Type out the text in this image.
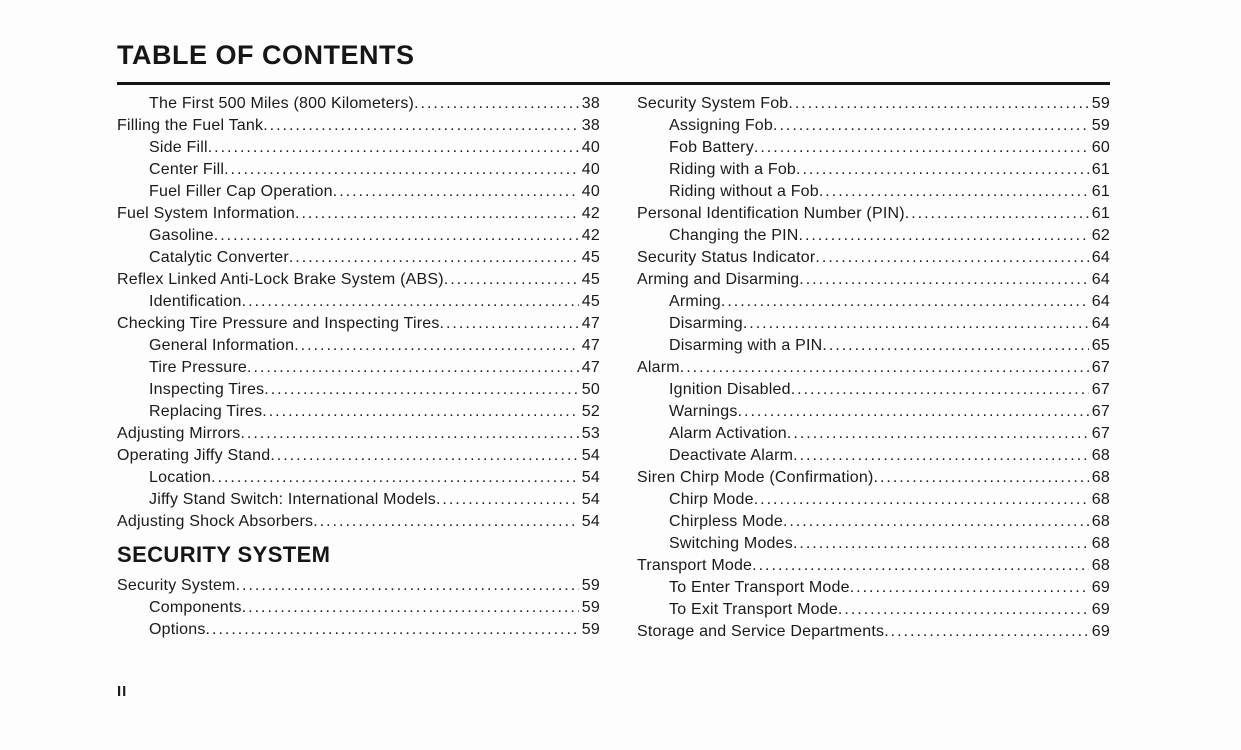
TABLE OF CONTENTS
The First 500 Miles (800 Kilometers) .....	38
Filling the Fuel Tank .....	38
Side Fill .....	40
Center Fill .....	40
Fuel Filler Cap Operation .....	40
Fuel System Information .....	42
Gasoline .....	42
Catalytic Converter .....	45
Reflex Linked Anti-Lock Brake System (ABS) .....	45
Identification .....	45
Checking Tire Pressure and Inspecting Tires .....	47
General Information .....	47
Tire Pressure .....	47
Inspecting Tires .....	50
Replacing Tires .....	52
Adjusting Mirrors .....	53
Operating Jiffy Stand .....	54
Location .....	54
Jiffy Stand Switch: International Models .....	54
Adjusting Shock Absorbers .....	54
SECURITY SYSTEM
Security System .....	59
Components .....	59
Options .....	59
Security System Fob .....	59
Assigning Fob .....	59
Fob Battery .....	60
Riding with a Fob .....	61
Riding without a Fob .....	61
Personal Identification Number (PIN) .....	61
Changing the PIN .....	62
Security Status Indicator .....	64
Arming and Disarming .....	64
Arming .....	64
Disarming .....	64
Disarming with a PIN .....	65
Alarm .....	67
Ignition Disabled .....	67
Warnings .....	67
Alarm Activation .....	67
Deactivate Alarm .....	68
Siren Chirp Mode (Confirmation) .....	68
Chirp Mode .....	68
Chirpless Mode .....	68
Switching Modes .....	68
Transport Mode .....	68
To Enter Transport Mode .....	69
To Exit Transport Mode .....	69
Storage and Service Departments .....	69
II
